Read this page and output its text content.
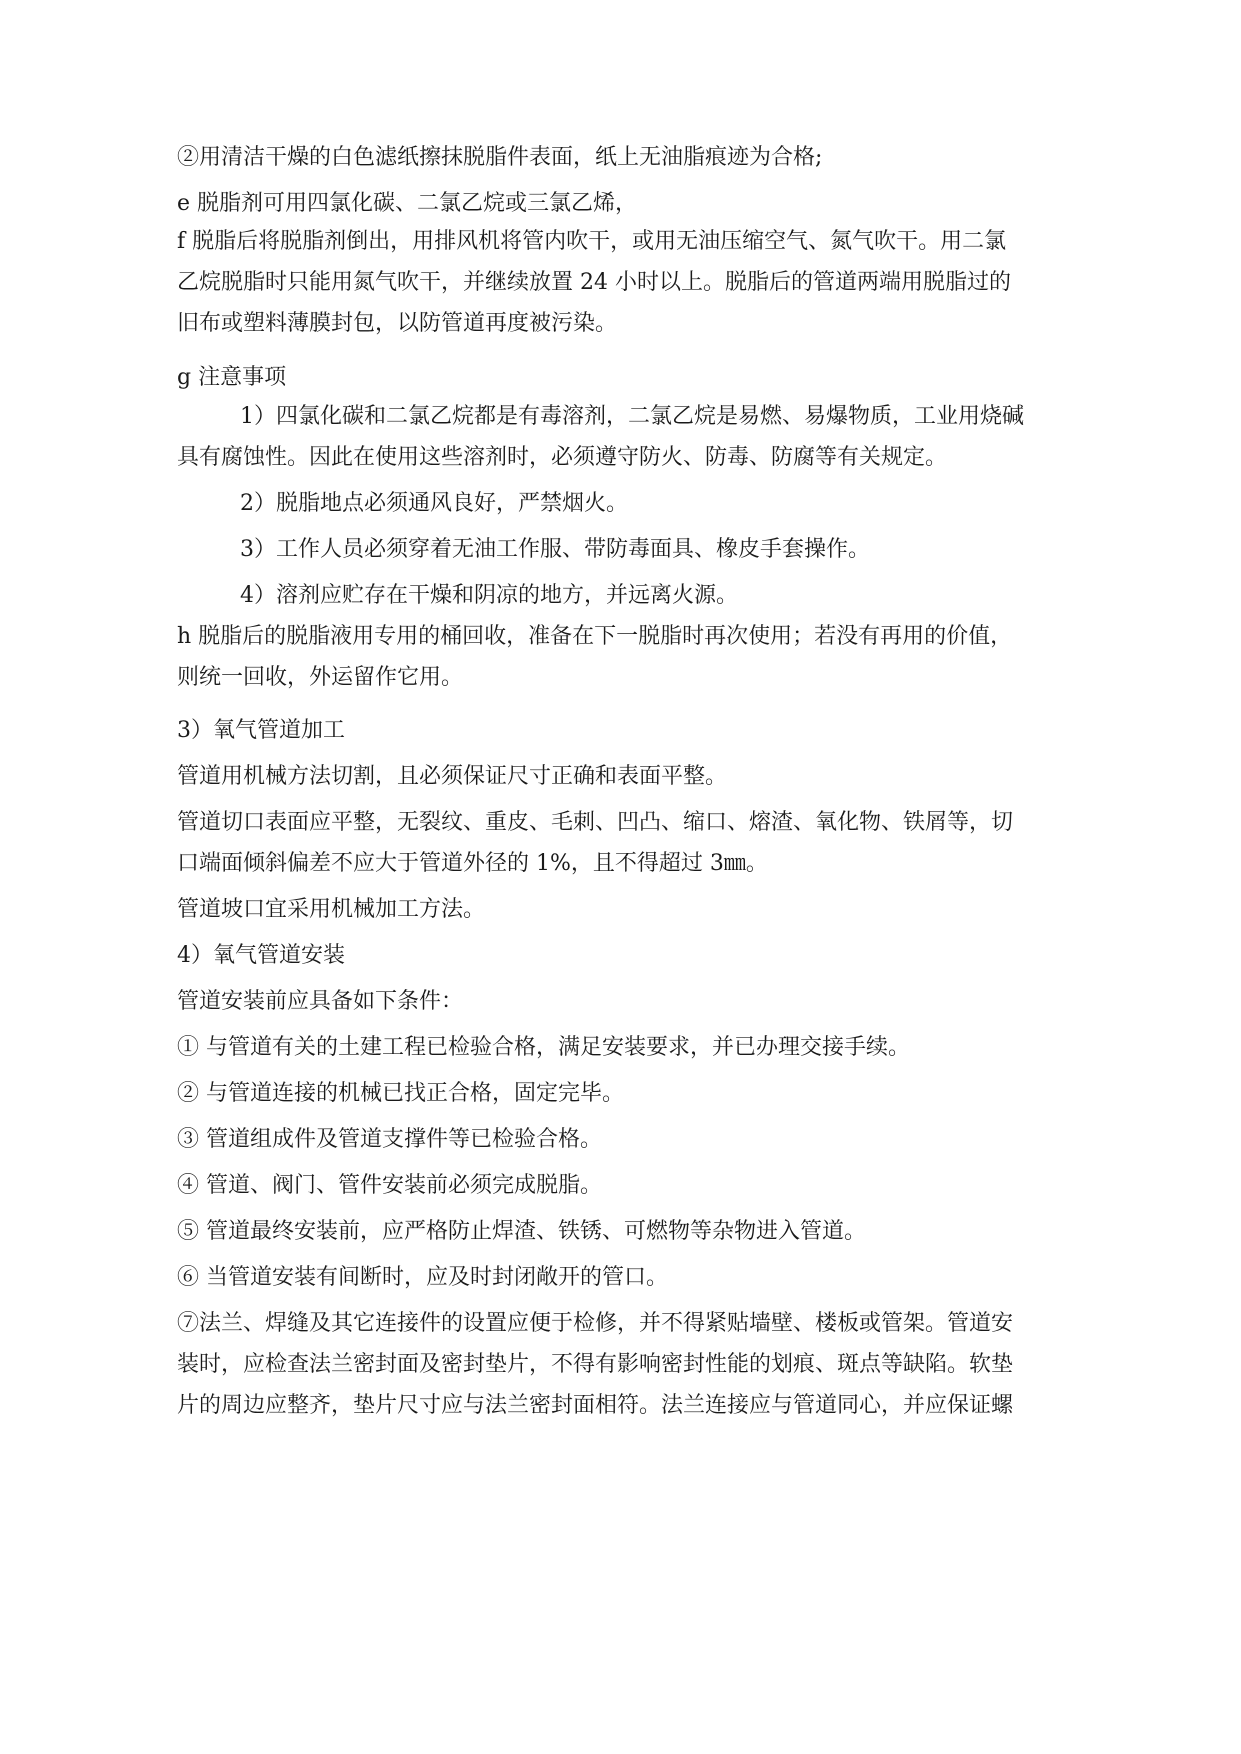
②用清洁干燥的白色滤纸擦抹脱脂件表面，纸上无油脂痕迹为合格;
e 脱脂剂可用四氯化碳、二氯乙烷或三氯乙烯，
f 脱脂后将脱脂剂倒出，用排风机将管内吹干，或用无油压缩空气、氮气吹干。用二氯
乙烷脱脂时只能用氮气吹干，并继续放置 24 小时以上。脱脂后的管道两端用脱脂过的
旧布或塑料薄膜封包，以防管道再度被污染。
g 注意事项
1）四氯化碳和二氯乙烷都是有毒溶剂，二氯乙烷是易燃、易爆物质，工业用烧碱
具有腐蚀性。因此在使用这些溶剂时，必须遵守防火、防毒、防腐等有关规定。
2）脱脂地点必须通风良好，严禁烟火。
3）工作人员必须穿着无油工作服、带防毒面具、橡皮手套操作。
4）溶剂应贮存在干燥和阴凉的地方，并远离火源。
h 脱脂后的脱脂液用专用的桶回收，准备在下一脱脂时再次使用；若没有再用的价值，
则统一回收，外运留作它用。
3）氧气管道加工
管道用机械方法切割，且必须保证尺寸正确和表面平整。
管道切口表面应平整，无裂纹、重皮、毛刺、凹凸、缩口、熔渣、氧化物、铁屑等，切
口端面倾斜偏差不应大于管道外径的 1%，且不得超过 3㎜。
管道坡口宜采用机械加工方法。
4）氧气管道安装
管道安装前应具备如下条件：
① 与管道有关的土建工程已检验合格，满足安装要求，并已办理交接手续。
② 与管道连接的机械已找正合格，固定完毕。
③ 管道组成件及管道支撑件等已检验合格。
④ 管道、阀门、管件安装前必须完成脱脂。
⑤ 管道最终安装前，应严格防止焊渣、铁锈、可燃物等杂物进入管道。
⑥ 当管道安装有间断时，应及时封闭敞开的管口。
⑦法兰、焊缝及其它连接件的设置应便于检修，并不得紧贴墙壁、楼板或管架。管道安
装时，应检查法兰密封面及密封垫片，不得有影响密封性能的划痕、斑点等缺陷。软垫
片的周边应整齐，垫片尺寸应与法兰密封面相符。法兰连接应与管道同心，并应保证螺
